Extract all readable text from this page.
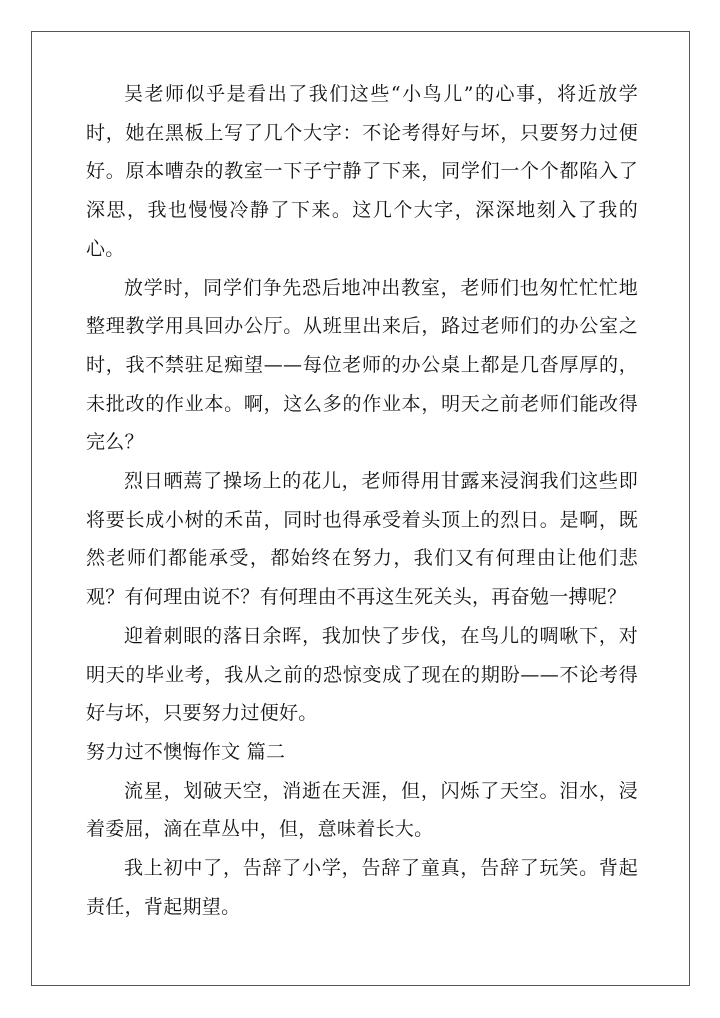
吴老师似乎是看出了我们这些“小鸟儿”的心事，将近放学时，她在黑板上写了几个大字：不论考得好与坏，只要努力过便好。原本嘈杂的教室一下子宁静了下来，同学们一个个都陷入了深思，我也慢慢冷静了下来。这几个大字，深深地刻入了我的心。

放学时，同学们争先恐后地冲出教室，老师们也匆忙忙忙地整理教学用具回办公厅。从班里出来后，路过老师们的办公室之时，我不禁驻足痴望——每位老师的办公桌上都是几沓厚厚的，未批改的作业本。啊，这么多的作业本，明天之前老师们能改得完么？

烈日晒蔫了操场上的花儿，老师得用甘露来浸润我们这些即将要长成小树的禾苗，同时也得承受着头顶上的烈日。是啊，既然老师们都能承受，都始终在努力，我们又有何理由让他们悲观？有何理由说不？有何理由不再这生死关头，再奋勉一搏呢？

迎着刺眼的落日余晖，我加快了步伐，在鸟儿的啁啾下，对明天的毕业考，我从之前的恐惊变成了现在的期盼——不论考得好与坏，只要努力过便好。

努力过不懊悔作文 篇二

流星，划破天空，消逝在天涯，但，闪烁了天空。泪水，浸着委屈，滴在草丛中，但，意味着长大。

我上初中了，告辞了小学，告辞了童真，告辞了玩笑。背起责任，背起期望。
